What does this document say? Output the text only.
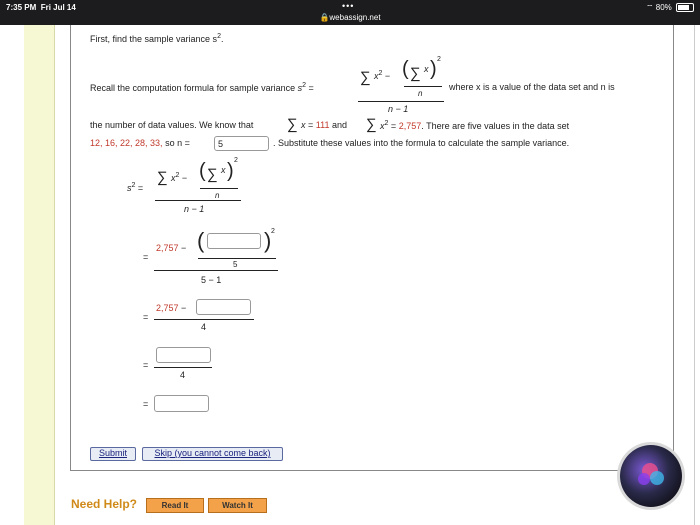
7:35 PM Fri Jul 14	•••
🔒webassign.net
⌔ 80%
First, find the sample variance $s^2$.
Recall the computation formula for sample variance $s^2$ =
∑ $x^2$ − ( ∑ x ) 2
n
n − 1
where x is a value of the data set and n is
the number of data values. We know that ∑ x = 111 and ∑ $x^2 = 2,757$. There are five values in the data set
12, 16, 22, 28, 33, so n =
5	. Substitute these values into the formula to calculate the sample variance.
$s^2$ =
∑ $x^2$ − ( ∑ x ) 2
n
n − 1
=
2,757 − (	) 2
5
5 − 1
=
2,757 −
4
=
4
=
Submit	Skip (you cannot come back)
Need Help?	Read It	Watch It
